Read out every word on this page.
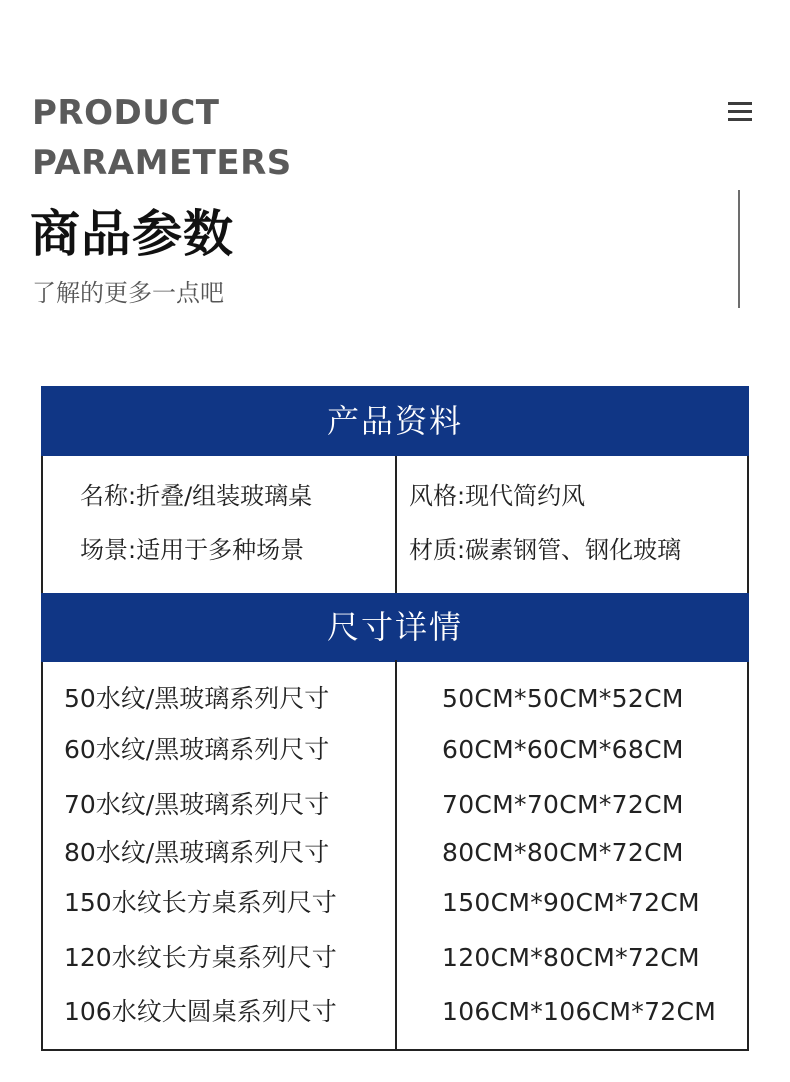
PRODUCT
PARAMETERS
商品参数
了解的更多一点吧
产品资料
名称:折叠/组装玻璃桌	风格:现代简约风
场景:适用于多种场景	材质:碳素钢管、钢化玻璃
尺寸详情
50水纹/黑玻璃系列尺寸	50CM*50CM*52CM
60水纹/黑玻璃系列尺寸	60CM*60CM*68CM
70水纹/黑玻璃系列尺寸	70CM*70CM*72CM
80水纹/黑玻璃系列尺寸	80CM*80CM*72CM
150水纹长方桌系列尺寸	150CM*90CM*72CM
120水纹长方桌系列尺寸	120CM*80CM*72CM
106水纹大圆桌系列尺寸	106CM*106CM*72CM
